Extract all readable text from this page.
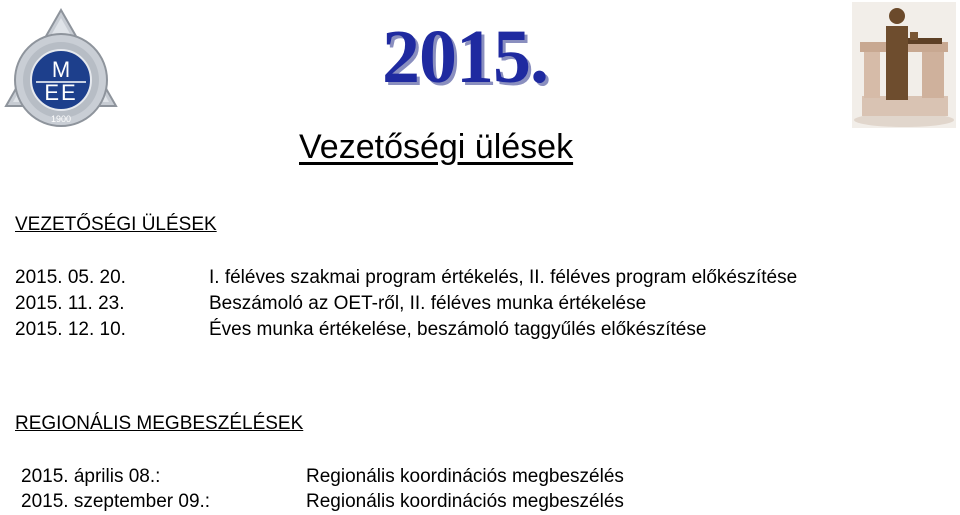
M
EE
1900
2015.
Vezetőségi ülések
VEZETŐSÉGI ÜLÉSEK
2015. 05. 20.	I. féléves szakmai program értékelés, II. féléves program előkészítése
2015. 11. 23.	Beszámoló az OET-ről, II. féléves munka értékelése
2015. 12. 10.	Éves munka értékelése, beszámoló taggyűlés előkészítése
REGIONÁLIS MEGBESZÉLÉSEK
2015. április 08.:	Regionális koordinációs megbeszélés
2015. szeptember 09.:	Regionális koordinációs megbeszélés
